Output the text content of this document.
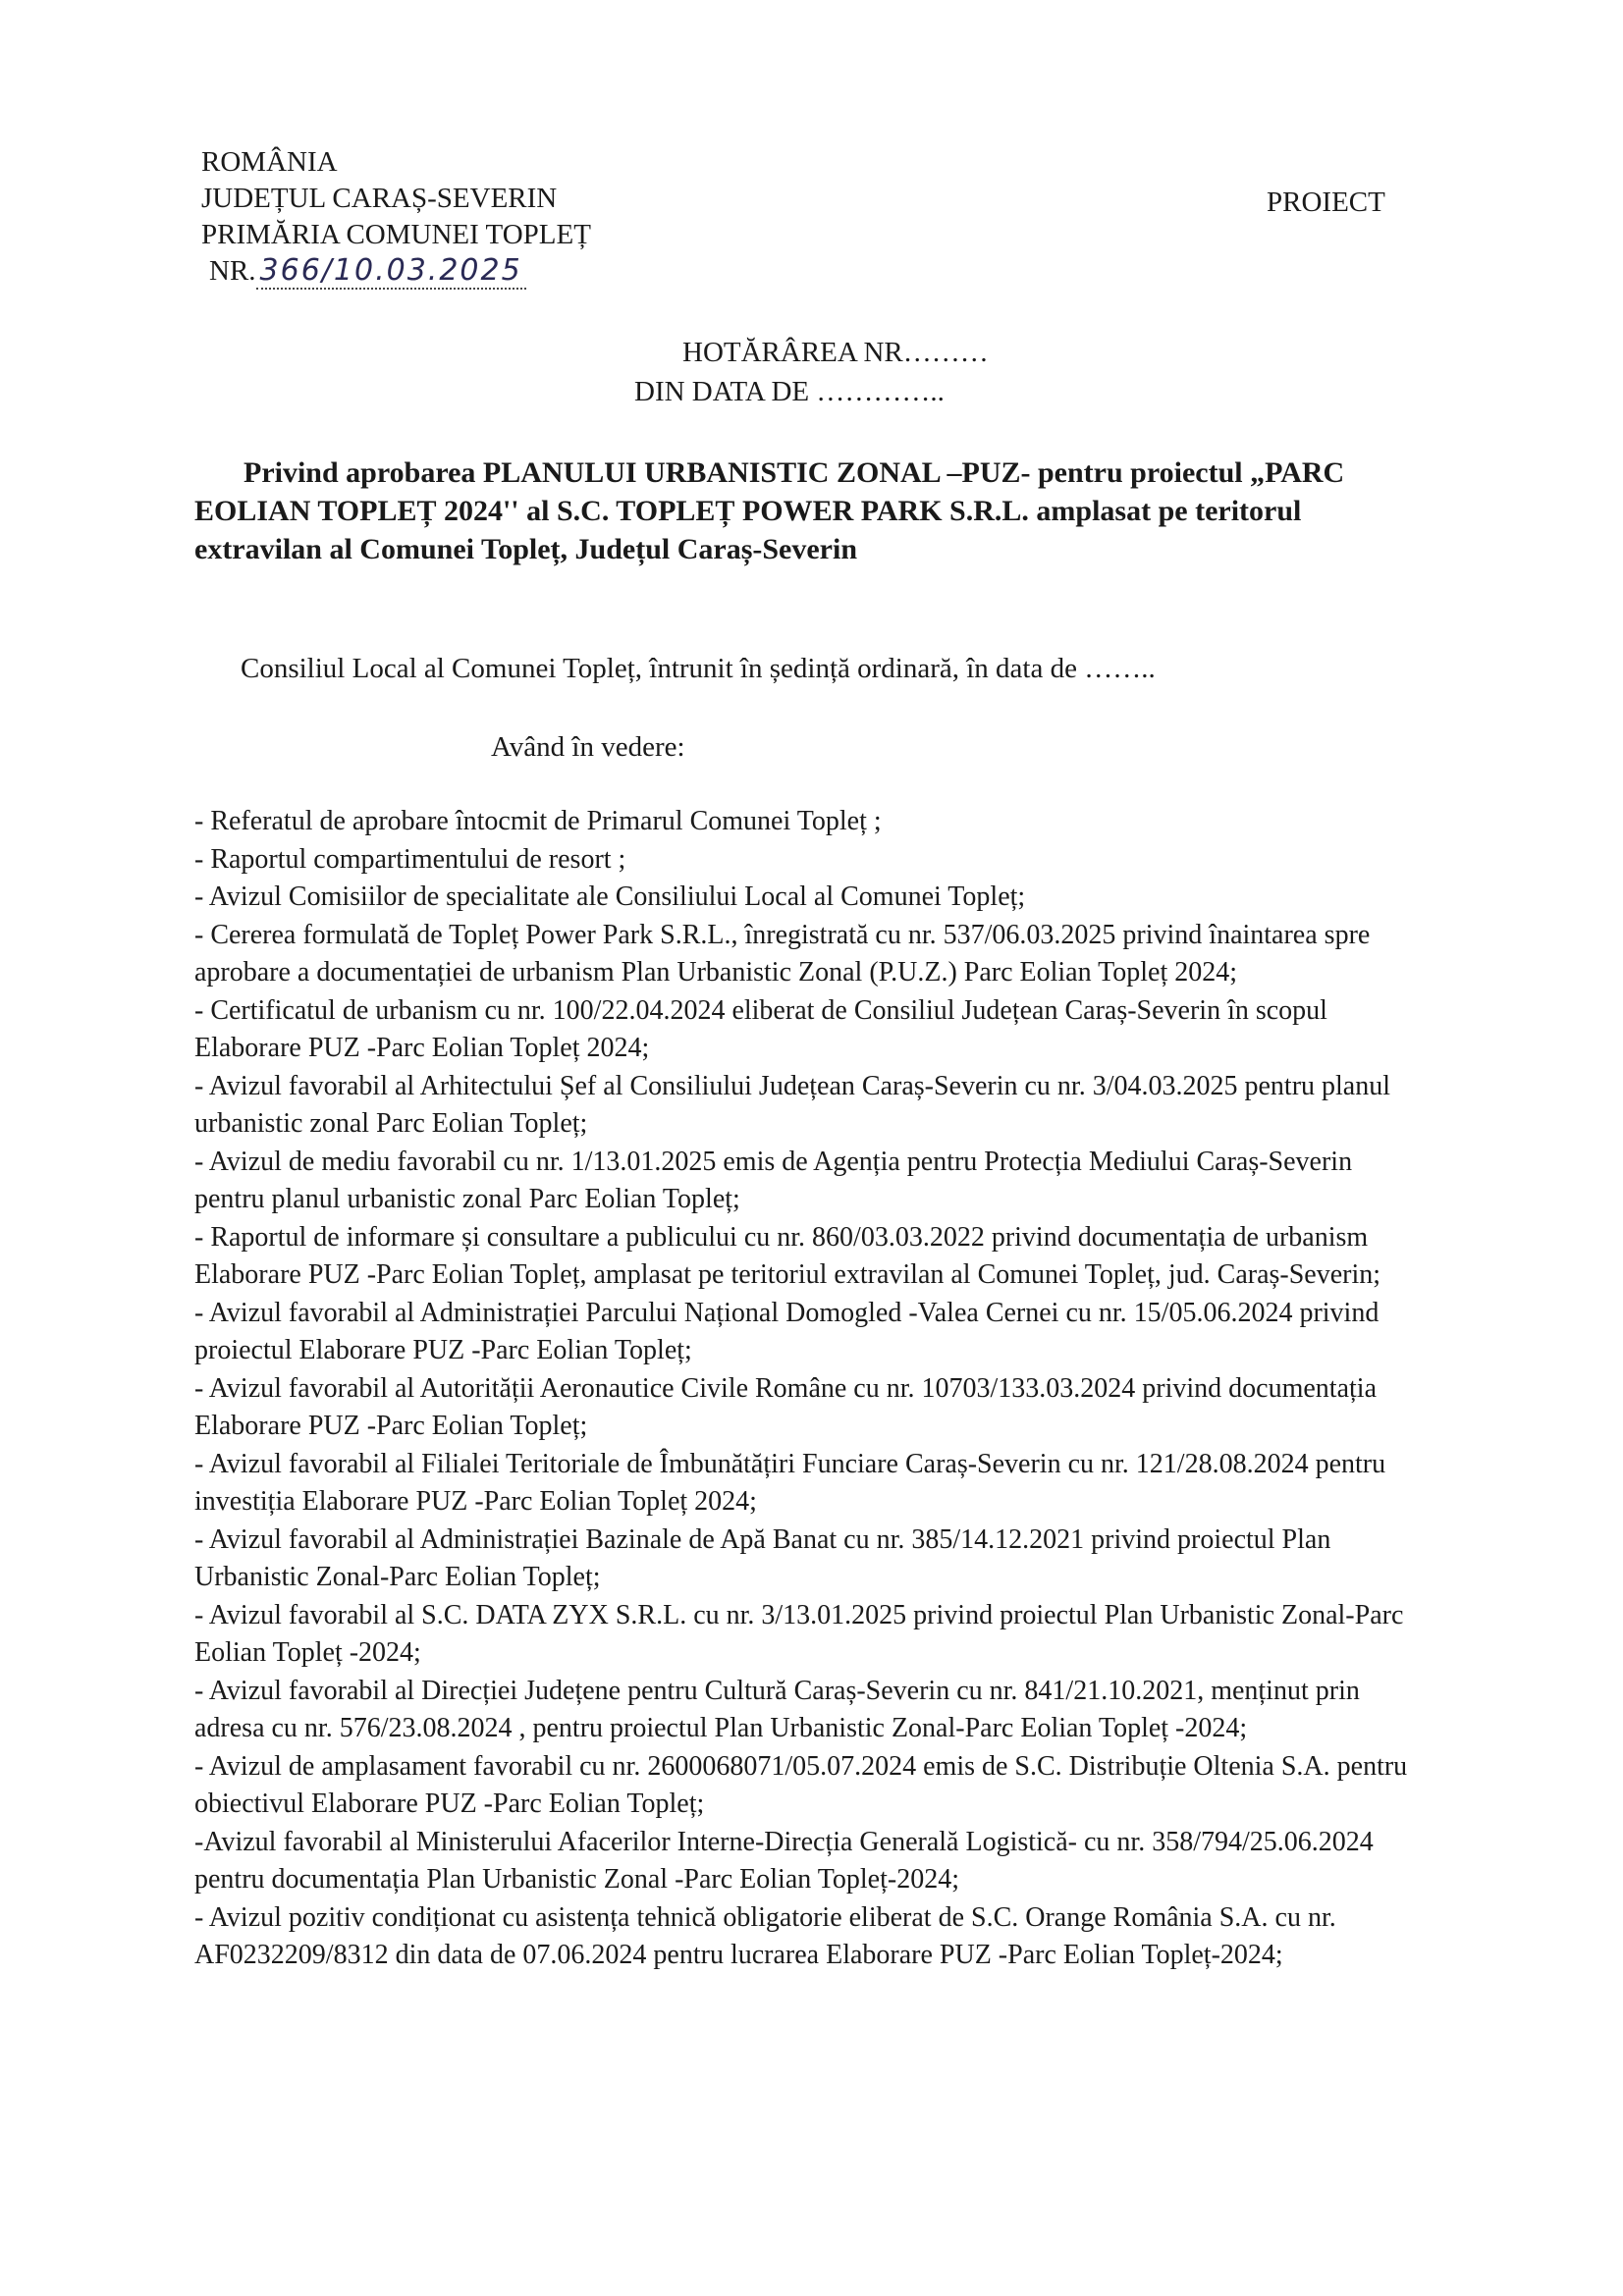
ROMÂNIA
JUDEȚUL CARAȘ-SEVERIN
PRIMĂRIA COMUNEI TOPLEȚ
NR. 366/10.03.2025
PROIECT
HOTĂRÂREA NR………
DIN DATA DE …………..
Privind aprobarea PLANULUI URBANISTIC ZONAL –PUZ- pentru proiectul „PARC EOLIAN TOPLEȚ 2024'' al S.C. TOPLEȚ POWER PARK S.R.L. amplasat pe teritorul extravilan al Comunei Topleț, Județul Caraș-Severin
Consiliul Local al Comunei Topleț, întrunit în ședință ordinară, în data de ……..
Având în vedere:
- Referatul de aprobare întocmit de Primarul Comunei Topleț ;
- Raportul compartimentului de resort ;
- Avizul Comisiilor de specialitate ale Consiliului Local al Comunei Topleț;
- Cererea formulată de Topleț Power Park S.R.L., înregistrată cu nr. 537/06.03.2025 privind înaintarea spre aprobare a documentației de urbanism Plan Urbanistic Zonal (P.U.Z.) Parc Eolian Topleț 2024;
- Certificatul de urbanism cu nr. 100/22.04.2024 eliberat de Consiliul Județean Caraș-Severin în scopul Elaborare PUZ -Parc Eolian Topleț 2024;
- Avizul favorabil al Arhitectului Șef al Consiliului Județean Caraș-Severin cu nr. 3/04.03.2025 pentru planul urbanistic zonal Parc Eolian Topleț;
- Avizul de mediu favorabil cu nr. 1/13.01.2025 emis de Agenția pentru Protecția Mediului Caraș-Severin pentru planul urbanistic zonal Parc Eolian Topleț;
- Raportul de informare și consultare a publicului cu nr. 860/03.03.2022 privind documentația de urbanism Elaborare PUZ -Parc Eolian Topleț, amplasat pe teritoriul extravilan al Comunei Topleț, jud. Caraș-Severin;
- Avizul favorabil al Administrației Parcului Național Domogled -Valea Cernei cu nr. 15/05.06.2024 privind proiectul Elaborare PUZ -Parc Eolian Topleț;
- Avizul favorabil al Autorității Aeronautice Civile Române cu nr. 10703/133.03.2024 privind documentația Elaborare PUZ -Parc Eolian Topleț;
- Avizul favorabil al Filialei Teritoriale de Îmbunătățiri Funciare Caraș-Severin cu nr. 121/28.08.2024 pentru investiția Elaborare PUZ -Parc Eolian Topleț 2024;
- Avizul favorabil al Administrației Bazinale de Apă Banat cu nr. 385/14.12.2021 privind proiectul Plan Urbanistic Zonal-Parc Eolian Topleț;
- Avizul favorabil al S.C. DATA ZYX S.R.L. cu nr. 3/13.01.2025 privind proiectul Plan Urbanistic Zonal-Parc Eolian Topleț -2024;
- Avizul favorabil al Direcției Județene pentru Cultură Caraș-Severin cu nr. 841/21.10.2021, menținut prin adresa cu nr. 576/23.08.2024 , pentru proiectul Plan Urbanistic Zonal-Parc Eolian Topleț -2024;
- Avizul de amplasament favorabil cu nr. 2600068071/05.07.2024 emis de S.C. Distribuție Oltenia S.A. pentru obiectivul Elaborare PUZ -Parc Eolian Topleț;
-Avizul favorabil al Ministerului Afacerilor Interne-Direcția Generală Logistică- cu nr. 358/794/25.06.2024 pentru documentația Plan Urbanistic Zonal -Parc Eolian Topleț-2024;
- Avizul pozitiv condiționat cu asistența tehnică obligatorie eliberat de S.C. Orange România S.A. cu nr. AF0232209/8312 din data de 07.06.2024 pentru lucrarea Elaborare PUZ -Parc Eolian Topleț-2024;
